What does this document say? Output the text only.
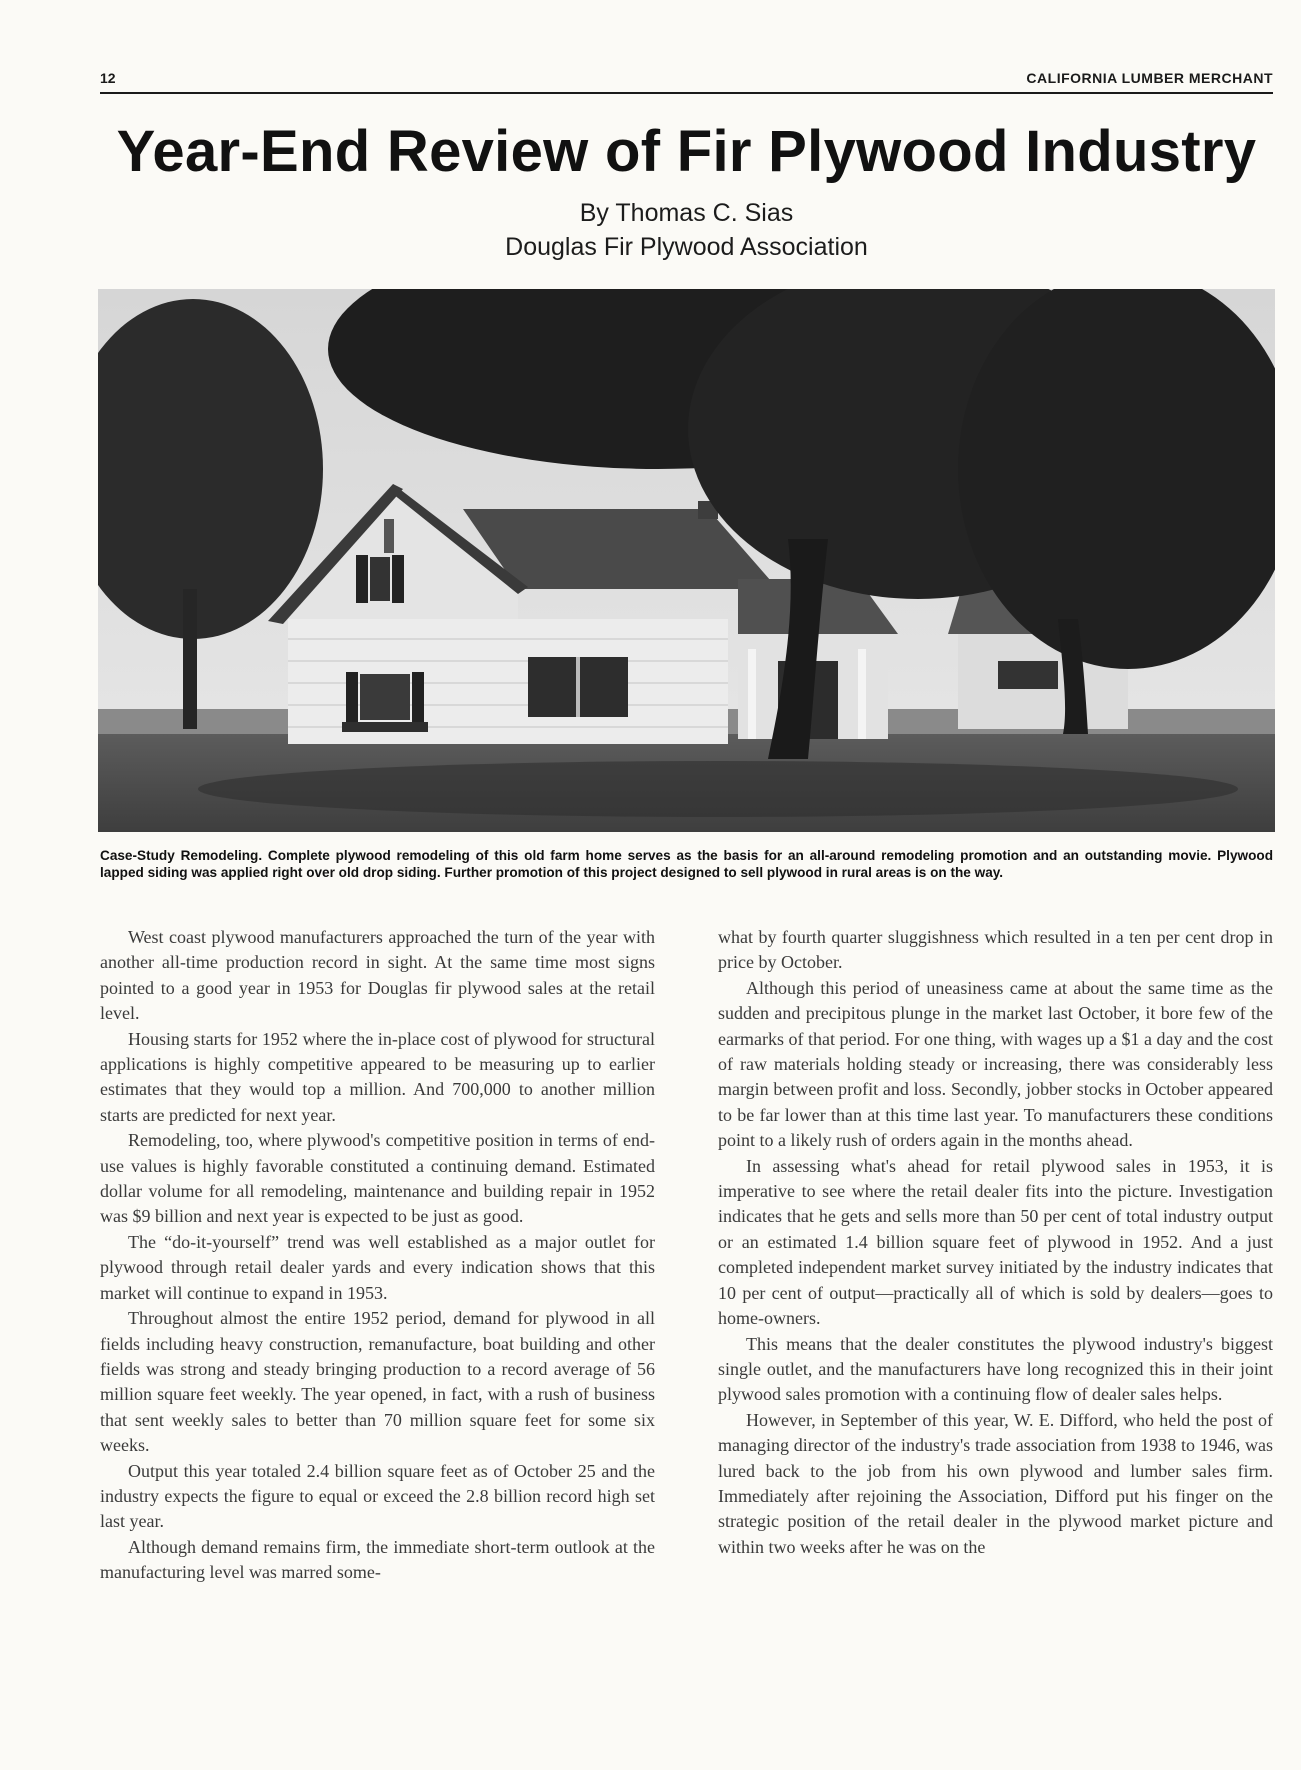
12	CALIFORNIA LUMBER MERCHANT
Year-End Review of Fir Plywood Industry
By Thomas C. Sias
Douglas Fir Plywood Association
Case-Study Remodeling. Complete plywood remodeling of this old farm home serves as the basis for an all-around remodeling promotion and an outstanding movie. Plywood lapped siding was applied right over old drop siding. Further promotion of this project designed to sell plywood in rural areas is on the way.

West coast plywood manufacturers approached the turn of the year with another all-time production record in sight. At the same time most signs pointed to a good year in 1953 for Douglas fir plywood sales at the retail level.

Housing starts for 1952 where the in-place cost of plywood for structural applications is highly competitive appeared to be measuring up to earlier estimates that they would top a million. And 700,000 to another million starts are predicted for next year.

Remodeling, too, where plywood's competitive position in terms of end-use values is highly favorable constituted a continuing demand. Estimated dollar volume for all remodeling, maintenance and building repair in 1952 was $9 billion and next year is expected to be just as good.

The “do-it-yourself” trend was well established as a major outlet for plywood through retail dealer yards and every indication shows that this market will continue to expand in 1953.

Throughout almost the entire 1952 period, demand for plywood in all fields including heavy construction, remanufacture, boat building and other fields was strong and steady bringing production to a record average of 56 million square feet weekly. The year opened, in fact, with a rush of business that sent weekly sales to better than 70 million square feet for some six weeks.

Output this year totaled 2.4 billion square feet as of October 25 and the industry expects the figure to equal or exceed the 2.8 billion record high set last year.

Although demand remains firm, the immediate short-term outlook at the manufacturing level was marred some-

what by fourth quarter sluggishness which resulted in a ten per cent drop in price by October.

Although this period of uneasiness came at about the same time as the sudden and precipitous plunge in the market last October, it bore few of the earmarks of that period. For one thing, with wages up a $1 a day and the cost of raw materials holding steady or increasing, there was considerably less margin between profit and loss. Secondly, jobber stocks in October appeared to be far lower than at this time last year. To manufacturers these conditions point to a likely rush of orders again in the months ahead.

In assessing what's ahead for retail plywood sales in 1953, it is imperative to see where the retail dealer fits into the picture. Investigation indicates that he gets and sells more than 50 per cent of total industry output or an estimated 1.4 billion square feet of plywood in 1952. And a just completed independent market survey initiated by the industry indicates that 10 per cent of output—practically all of which is sold by dealers—goes to home-owners.

This means that the dealer constitutes the plywood industry's biggest single outlet, and the manufacturers have long recognized this in their joint plywood sales promotion with a continuing flow of dealer sales helps.

However, in September of this year, W. E. Difford, who held the post of managing director of the industry's trade association from 1938 to 1946, was lured back to the job from his own plywood and lumber sales firm. Immediately after rejoining the Association, Difford put his finger on the strategic position of the retail dealer in the plywood market picture and within two weeks after he was on the
